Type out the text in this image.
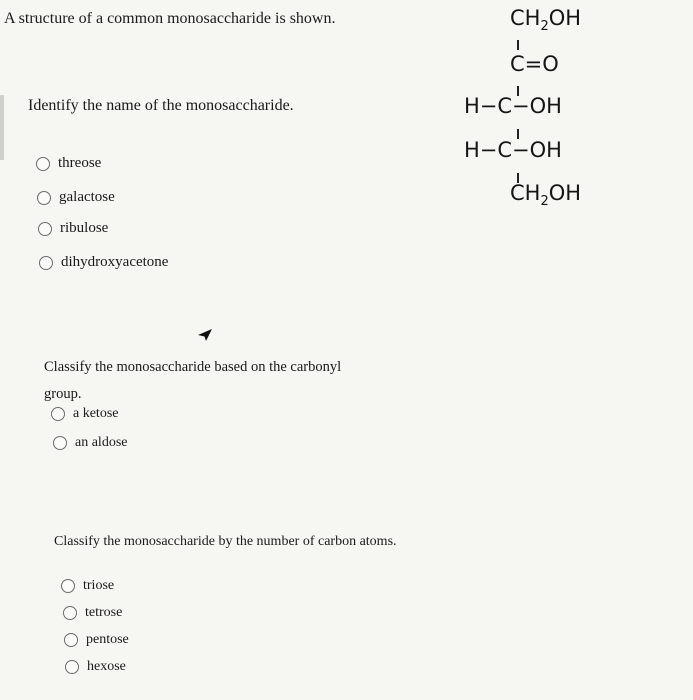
A structure of a common monosaccharide is shown.	$CH_2OH$
C=O
H−C−OH
H−C−OH
$CH_2OH$
Identify the name of the monosaccharide.
threose
galactose
ribulose
dihydroxyacetone
Classify the monosaccharide based on the carbonyl group.
a ketose
an aldose
Classify the monosaccharide by the number of carbon atoms.
triose
tetrose
pentose
hexose
